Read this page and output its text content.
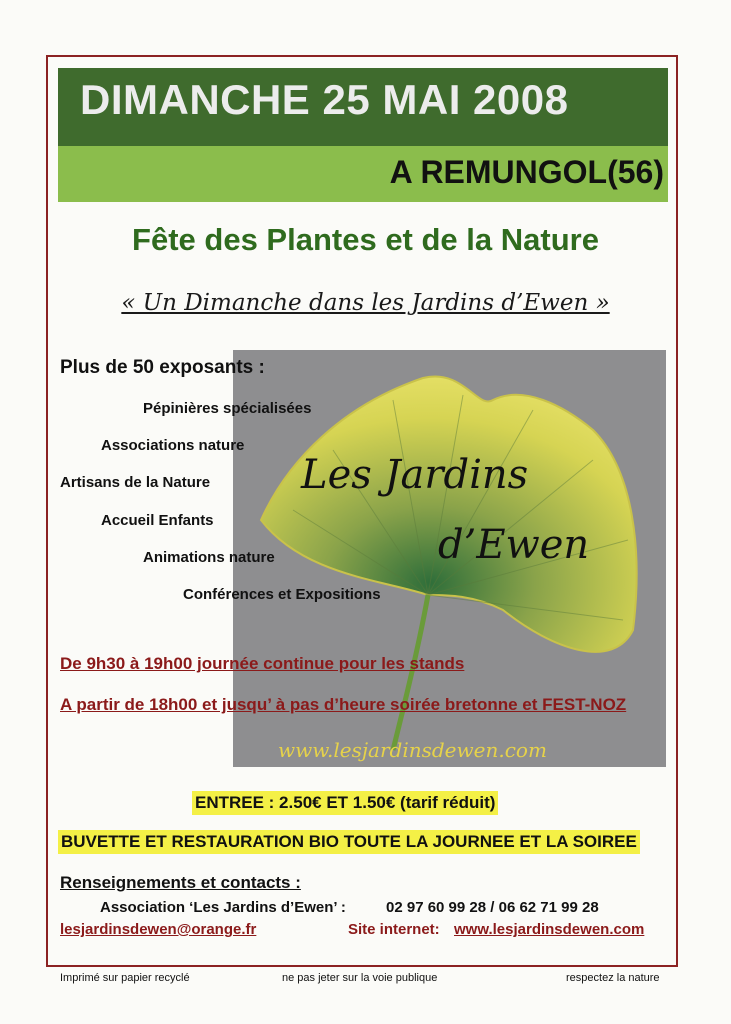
DIMANCHE 25 MAI 2008
A REMUNGOL(56)
Fête des Plantes et de la Nature
« Un Dimanche dans les Jardins d’Ewen »
Les Jardins
d’Ewen
www.lesjardinsdewen.com
Plus de 50 exposants :
Pépinières spécialisées
Associations nature
Artisans de la Nature
Accueil Enfants
Animations nature
Conférences et Expositions
De 9h30 à 19h00 journée continue pour les stands
A partir de 18h00 et jusqu’ à pas d’heure soirée bretonne et FEST-NOZ
ENTREE : 2.50€ ET 1.50€ (tarif réduit)
BUVETTE ET RESTAURATION BIO TOUTE LA JOURNEE ET LA SOIREE
Renseignements et contacts :
Association ‘Les Jardins d’Ewen’ :	02 97 60 99 28 / 06 62 71 99 28
lesjardinsdewen@orange.fr	Site internet: www.lesjardinsdewen.com
Imprimé sur papier recyclé	ne pas jeter sur la voie publique	respectez la nature
